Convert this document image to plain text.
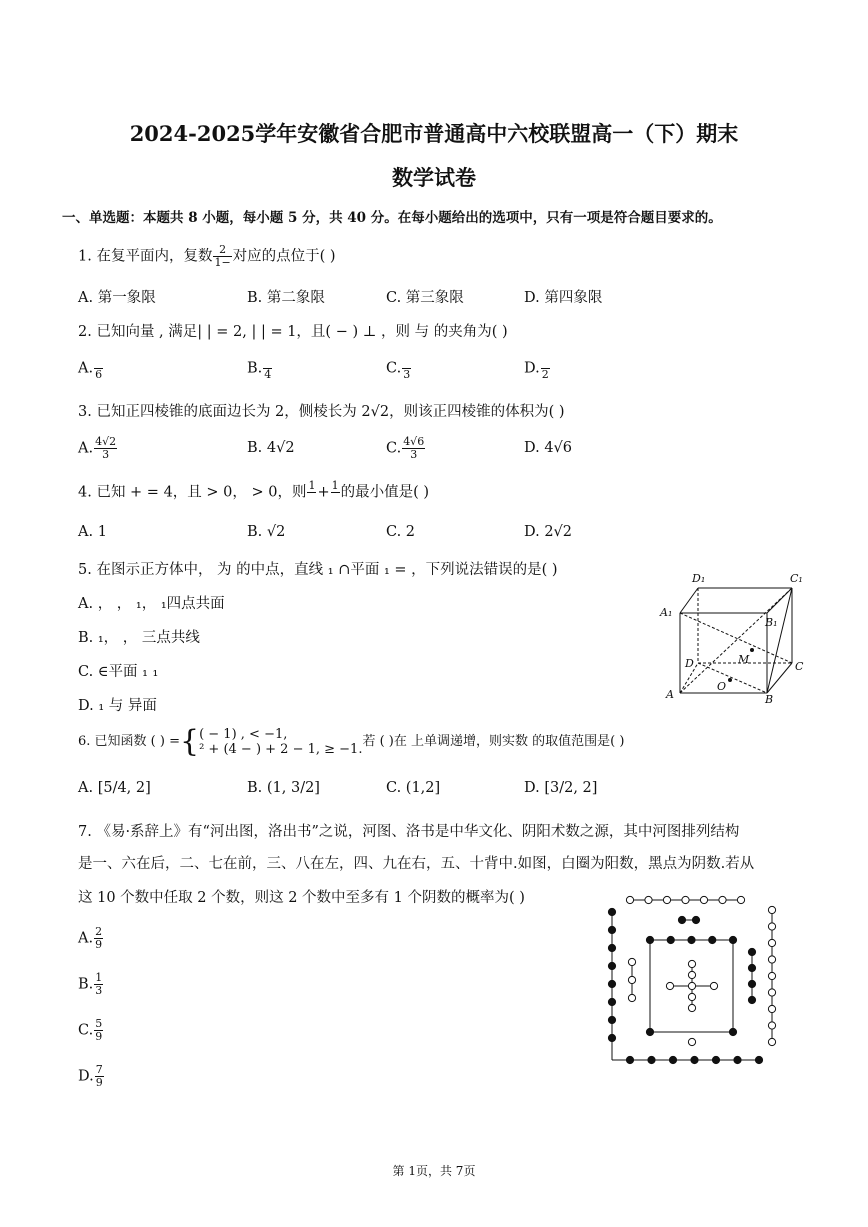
2024-2025学年安徽省合肥市普通高中六校联盟高一（下）期末
数学试卷
一、单选题：本题共 8 小题，每小题 5 分，共 40 分。在每小题给出的选项中，只有一项是符合题目要求的。
1. 在复平面内，复数 $\frac{2}{1-}$ 对应的点位于( )
A. 第一象限	B. 第二象限	C. 第三象限	D. 第四象限
2. 已知向量 , 满足| | = 2, | | = 1，且( − ) ⊥ ，则 与 的夹角为( )
A. 6	B. 4	C. 3	D. 2
3. 已知正四棱锥的底面边长为 2，侧棱长为 2√2，则该正四棱锥的体积为( )
A. $\frac{4√2}{3}$	B. 4√2	C. $\frac{4√6}{3}$	D. 4√6
4. 已知 + = 4，且 > 0， > 0，则 1 + 1 的最小值是( )
A. 1	B. √2	C. 2	D. 2√2
5. 在图示正方体中， 为 的中点，直线 ₁ ∩平面 ₁ = ，下列说法错误的是( )
A. ， ， ₁， ₁四点共面
B. ₁， ， 三点共线
C. ∈平面 ₁ ₁
D. ₁ 与 异面
D₁	C₁
A₁
B₁
D	C
A	B
M
O
6. 已知函数 ( ) ={ ( − 1) , < −1,
² + (4 − ) + 2 − 1, ≥ −1. 若 ( )在 上单调递增，则实数 的取值范围是( )
A. [5/4, 2]	B. (1, 3/2]	C. (1,2]	D. [3/2, 2]
7. 《易·系辞上》有“河出图，洛出书”之说，河图、洛书是中华文化、阴阳术数之源，其中河图排列结构
是一、六在后，二、七在前，三、八在左，四、九在右，五、十背中.如图，白圈为阳数，黑点为阴数.若从
这 10 个数中任取 2 个数，则这 2 个数中至多有 1 个阴数的概率为( )
A. $\frac{2}{9}$
B. $\frac{1}{3}$
C. $\frac{5}{9}$
D. $\frac{7}{9}$
第 1页，共 7页
